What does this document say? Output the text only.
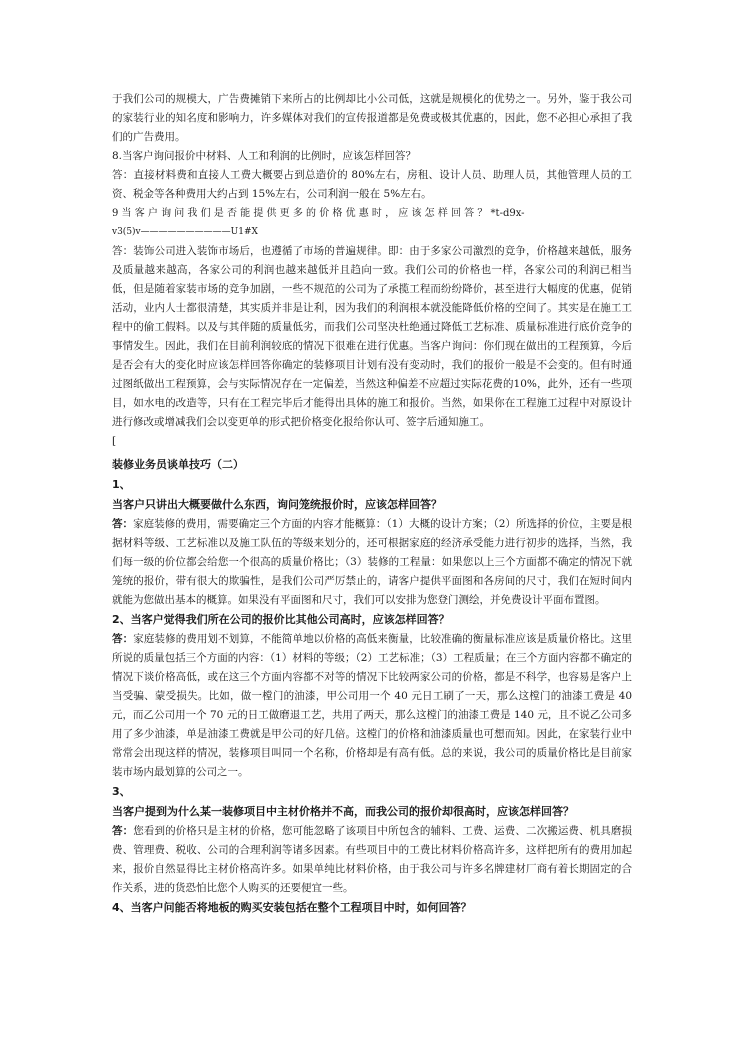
于我们公司的规模大，广告费摊销下来所占的比例却比小公司低，这就是规模化的优势之一。另外，鉴于我公司的家装行业的知名度和影响力，许多媒体对我们的宣传报道都是免费或极其优惠的，因此，您不必担心承担了我们的广告费用。

8.当客户询问报价中材料、人工和利润的比例时，应该怎样回答？

答：直接材料费和直接人工费大概要占到总造价的 80%左右，房租、设计人员、助理人员，其他管理人员的工资、税金等各种费用大约占到 15%左右，公司利润一般在 5%左右。

9 当 客 户 询 问 我 们 是 否 能 提 供 更 多 的 价 格 优 惠 时 ， 应 该 怎 样 回 答 ？ *t-d9x-

v3(5)v——————————U1#X

答：装饰公司进入装饰市场后，也遵循了市场的普遍规律。即：由于多家公司激烈的竞争，价格越来越低，服务及质量越来越高，各家公司的利润也越来越低并且趋向一致。我们公司的价格也一样，各家公司的利润已相当低，但是随着家装市场的竞争加剧，一些不规范的公司为了承揽工程而纷纷降价，甚至进行大幅度的优惠，促销活动，业内人士都很清楚，其实质并非是让利，因为我们的利润根本就没能降低价格的空间了。其实是在施工工程中的偷工假料。以及与其伴随的质量低劣，而我们公司坚决杜绝通过降低工艺标准、质量标准进行底价竞争的事情发生。因此，我们在目前利润较底的情况下很难在进行优惠。当客户询问：你们现在做出的工程预算，今后是否会有大的变化时应该怎样回答你确定的装修项目计划有没有变动时，我们的报价一般是不会变的。但有时通过图纸做出工程预算，会与实际情况存在一定偏差，当然这种偏差不应超过实际花费的10%，此外，还有一些项目，如水电的改造等，只有在工程完毕后才能得出具体的施工和报价。当然，如果你在工程施工过程中对原设计进行修改或增减我们会以变更单的形式把价格变化报给你认可、签字后通知施工。

[

装修业务员谈单技巧（二）

1、

当客户只讲出大概要做什么东西，询问笼统报价时，应该怎样回答？

答：家庭装修的费用，需要确定三个方面的内容才能概算：（1）大概的设计方案；（2）所选择的价位，主要是根据材料等级、工艺标准以及施工队伍的等级来划分的，还可根据家庭的经济承受能力进行初步的选择，当然，我们每一级的价位都会给您一个很高的质量价格比；（3）装修的工程量：如果您以上三个方面都不确定的情况下就笼统的报价，带有很大的欺骗性，是我们公司严厉禁止的，请客户提供平面图和各房间的尺寸，我们在短时间内就能为您做出基本的概算。如果没有平面图和尺寸，我们可以安排为您登门测绘，并免费设计平面布置图。

2、当客户觉得我们所在公司的报价比其他公司高时，应该怎样回答？

答：家庭装修的费用划不划算，不能简单地以价格的高低来衡量，比较准确的衡量标准应该是质量价格比。这里所说的质量包括三个方面的内容：（1）材料的等级；（2）工艺标准；（3）工程质量；在三个方面内容都不确定的情况下谈价格高低，或在这三个方面内容都不对等的情况下比较两家公司的价格，都是不科学，也容易是客户上当受骗、蒙受损失。比如，做一樘门的油漆，甲公司用一个 40 元日工刷了一天，那么这樘门的油漆工费是 40 元，而乙公司用一个 70 元的日工做磨退工艺，共用了两天，那么这樘门的油漆工费是 140 元，且不说乙公司多用了多少油漆，单是油漆工费就是甲公司的好几倍。这樘门的价格和油漆质量也可想而知。因此，在家装行业中常常会出现这样的情况，装修项目叫同一个名称，价格却是有高有低。总的来说，我公司的质量价格比是目前家装市场内最划算的公司之一。

3、

当客户提到为什么某一装修项目中主材价格并不高，而我公司的报价却很高时，应该怎样回答？

答：您看到的价格只是主材的价格，您可能忽略了该项目中所包含的辅料、工费、运费、二次搬运费、机具磨损费、管理费、税收、公司的合理利润等诸多因素。有些项目中的工费比材料价格高许多，这样把所有的费用加起来，报价自然显得比主材价格高许多。如果单纯比材料价格，由于我公司与许多名牌建材厂商有着长期固定的合作关系，进的货恐怕比您个人购买的还要便宜一些。

4、当客户问能否将地板的购买安装包括在整个工程项目中时，如何回答？
